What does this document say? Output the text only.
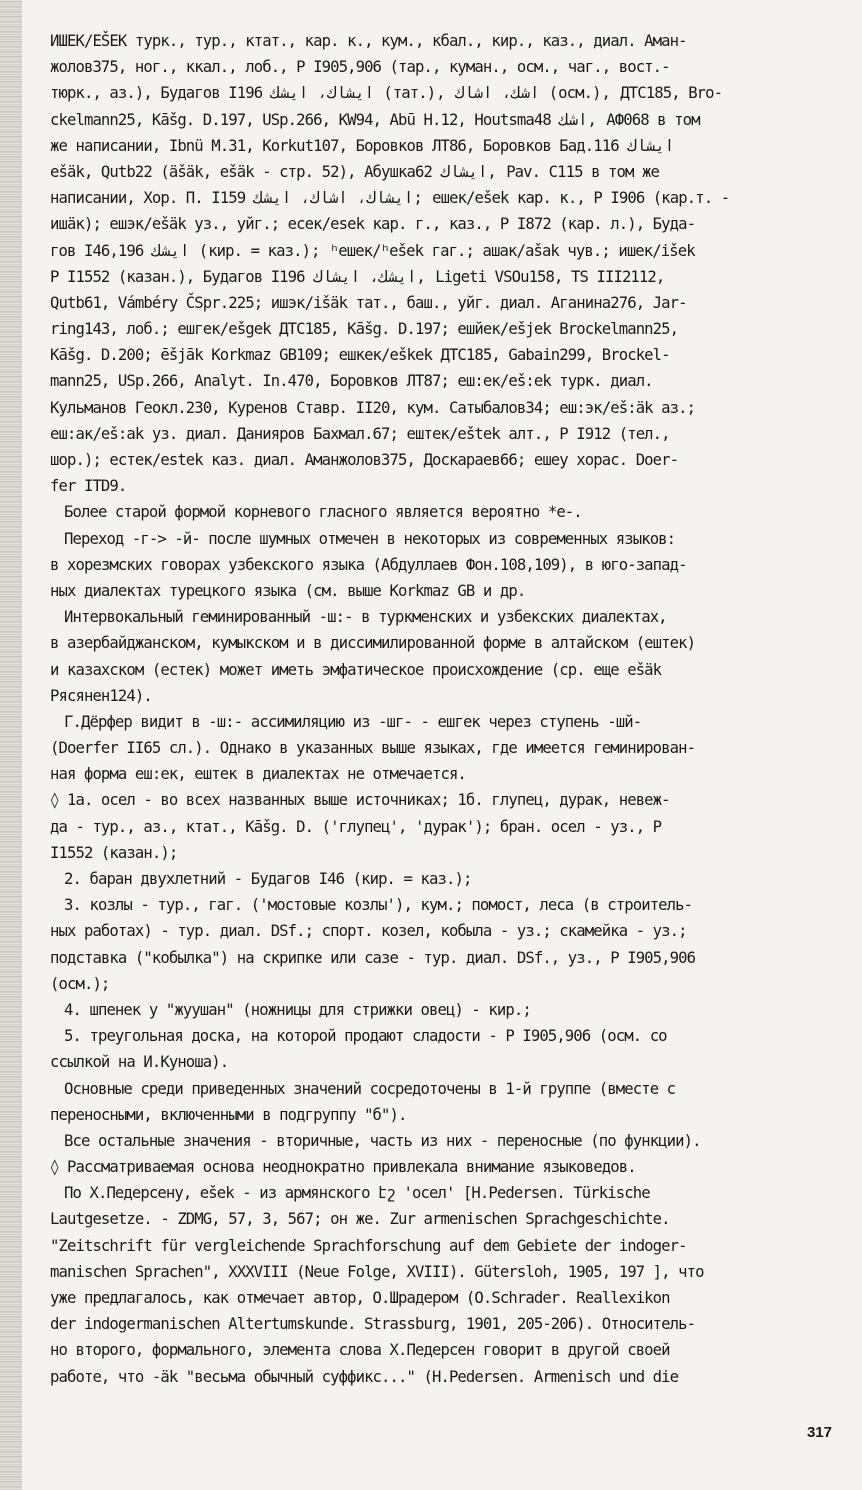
ИШЕК/EŠEK турк., тур., ктат., кар. к., кум., кбал., кир., каз., диал. Аман-
жолов375, ног., ккал., лоб., Р I905,906 (тар., куман., осм., чаг., вост.-
тюрк., аз.), Будагов I196 ايشاك، ايشك (тат.), اشك، اشاك (осм.), ДТС185, Bro-
ckelmann25, Kāšg. D.197, USp.266, KW94, Abū H.12, Houtsma48 اشك, АФ068 в том
же написании, Ibnü M.31, Korkut107, Боровков ЛТ86, Боровков Бад.116 ايشاك
ešäk, Qutb22 (äšäk, ešäk - стр. 52), Абушка62 ايشاك, Pav. C115 в том же
написании, Хор. П. I159 ايشاك، اشاك، ايشك; ешек/ešek кар. к., Р I906 (кар.т. -
ишäк); ешэк/ešäk уз., уйг.; есек/esek кар. г., каз., Р I872 (кар. л.), Буда-
гов I46,196 ايشك (кир. = каз.); ʰешек/ʰešek гаг.; ашак/ašak чув.; ишек/išek
Р I1552 (казан.), Будагов I196 ايشك، ايشاك, Ligeti VSOu158, TS III2112,
Qutb61, Vámbéry ČSpr.225; ишэк/išäk тат., баш., уйг. диал. Аганина276, Jar-
ring143, лоб.; ешгек/ešgek ДТС185, Kāšg. D.197; ешйек/ešjek Brockelmann25,
Kāšg. D.200; ēšjāk Korkmaz GB109; ешкек/eškek ДТС185, Gabain299, Brockel-
mann25, USp.266, Analyt. In.470, Боровков ЛТ87; еш:ек/eš:ek турк. диал.
Кульманов Геокл.230, Куренов Ставр. II20, кум. Сатыбалов34; еш:эк/eš:äk аз.;
еш:ак/eš:ak уз. диал. Данияров Бахмал.67; ештек/eštek алт., Р I912 (тел.,
шор.); естек/estek каз. диал. Аманжолов375, Доскараев66; ешеу хорас. Doer-
fer ITD9.
Более старой формой корневого гласного является вероятно *е-.
Переход -г-> -й- после шумных отмечен в некоторых из современных языков:
в хорезмских говорах узбекского языка (Абдуллаев Фон.108,109), в юго-запад-
ных диалектах турецкого языка (см. выше Korkmaz GB и др.
Интервокальный геминированный -ш:- в туркменских и узбекских диалектах,
в азербайджанском, кумыкском и в диссимилированной форме в алтайском (ештек)
и казахском (естек) может иметь эмфатическое происхождение (ср. еще ešäk
Рясянен124).
Г.Дёрфер видит в -ш:- ассимиляцию из -шг- - ешгек через ступень -шй-
(Doerfer II65 сл.). Однако в указанных выше языках, где имеется геминирован-
ная форма еш:ек, ештек в диалектах не отмечается.
◊ 1а. осел - во всех названных выше источниках; 1б. глупец, дурак, невеж-
да - тур., аз., ктат., Kāšg. D. ('глупец', 'дурак'); бран. осел - уз., Р
I1552 (казан.);
2. баран двухлетний - Будагов I46 (кир. = каз.);
3. козлы - тур., гаг. ('мостовые козлы'), кум.; помост, леса (в строитель-
ных работах) - тур. диал. DSf.; спорт. козел, кобыла - уз.; скамейка - уз.;
подставка ("кобылка") на скрипке или сазе - тур. диал. DSf., уз., Р I905,906
(осм.);
4. шпенек у "жуушан" (ножницы для стрижки овец) - кир.;
5. треугольная доска, на которой продают сладости - Р I905,906 (осм. со
ссылкой на И.Куноша).
Основные среди приведенных значений сосредоточены в 1-й группе (вместе с
переносными, включенными в подгруппу "б").
Все остальные значения - вторичные, часть из них - переносные (по функции).
◊ Рассматриваемая основа неоднократно привлекала внимание языковедов.
По Х.Педерсену, ešek - из армянского էշ 'осел' [H.Pedersen. Türkische
Lautgesetze. - ZDMG, 57, 3, 567; он же. Zur armenischen Sprachgeschichte.
"Zeitschrift für vergleichende Sprachforschung auf dem Gebiete der indoger-
manischen Sprachen", XXXVIII (Neue Folge, XVIII). Gütersloh, 1905, 197 ], что
уже предлагалось, как отмечает автор, О.Шрадером (O.Schrader. Reallexikon
der indogermanischen Altertumskunde. Strassburg, 1901, 205-206). Относитель-
но второго, формального, элемента слова Х.Педерсен говорит в другой своей
работе, что -äk "весьма обычный суффикс..." (H.Pedersen. Armenisch und die
317
